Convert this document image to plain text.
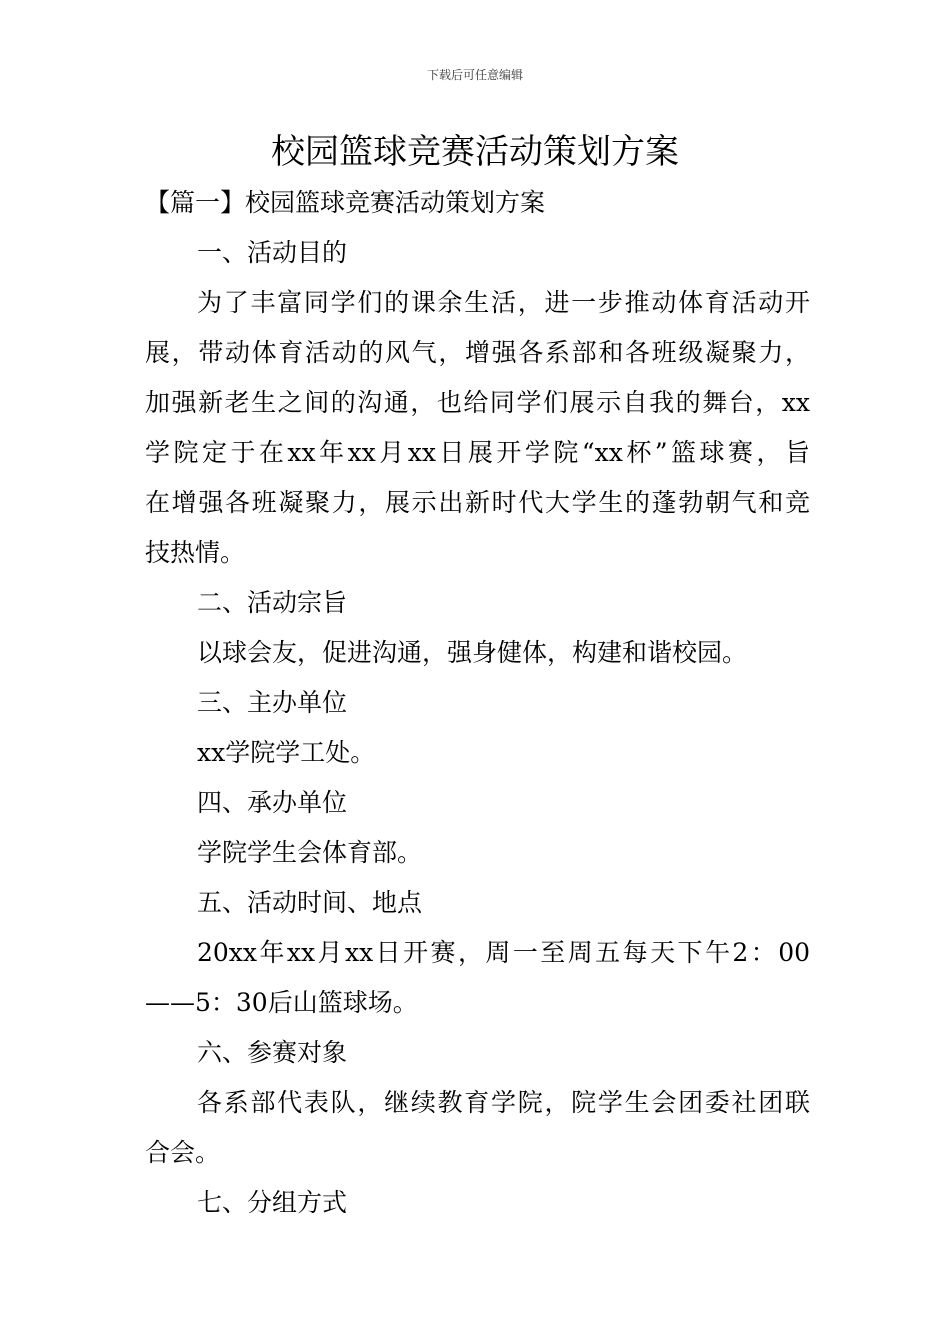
下载后可任意编辑
校园篮球竞赛活动策划方案
【篇一】校园篮球竞赛活动策划方案
一、活动目的
为了丰富同学们的课余生活，进一步推动体育活动开
展，带动体育活动的风气，增强各系部和各班级凝聚力，
加强新老生之间的沟通，也给同学们展示自我的舞台，xx
学院定于在xx年xx月xx日展开学院“xx杯”篮球赛，旨
在增强各班凝聚力，展示出新时代大学生的蓬勃朝气和竞
技热情。
二、活动宗旨
以球会友，促进沟通，强身健体，构建和谐校园。
三、主办单位
xx学院学工处。
四、承办单位
学院学生会体育部。
五、活动时间、地点
20xx年xx月xx日开赛，周一至周五每天下午2：00
——5：30后山篮球场。
六、参赛对象
各系部代表队，继续教育学院，院学生会团委社团联
合会。
七、分组方式
